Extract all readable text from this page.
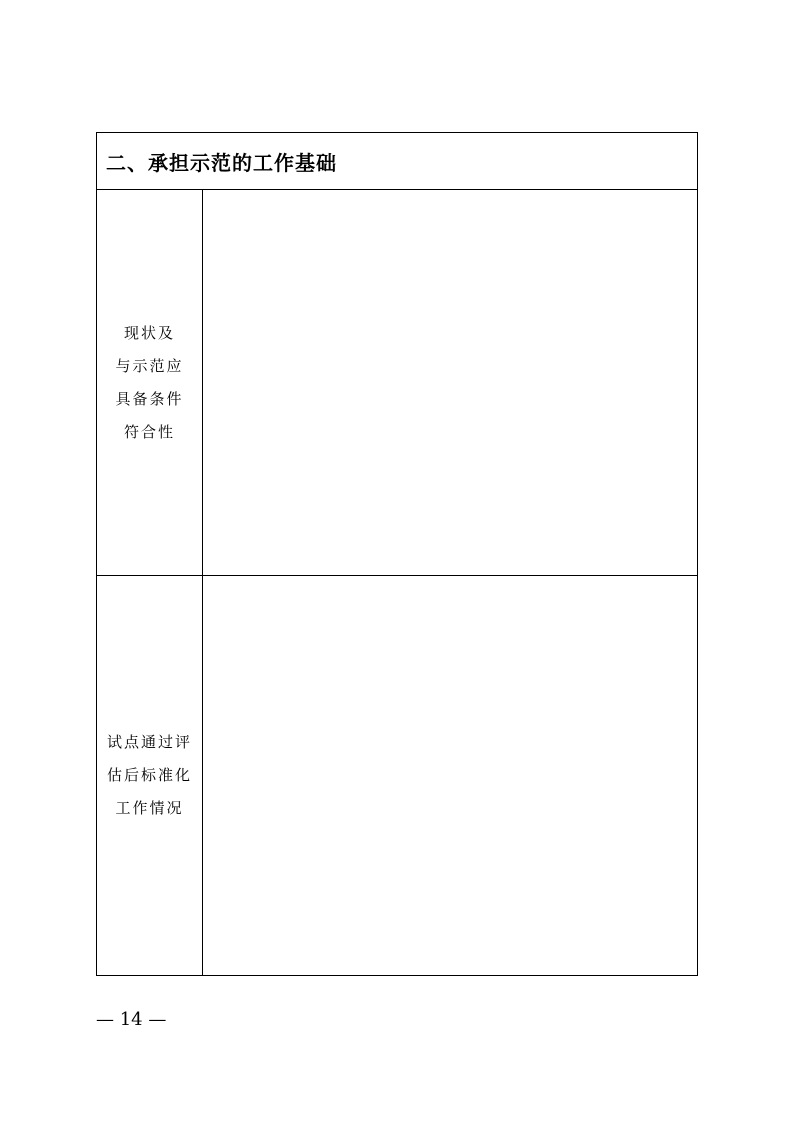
二、承担示范的工作基础
现状及
与示范应
具备条件
符合性
试点通过评
估后标准化
工作情况
— 14 —
